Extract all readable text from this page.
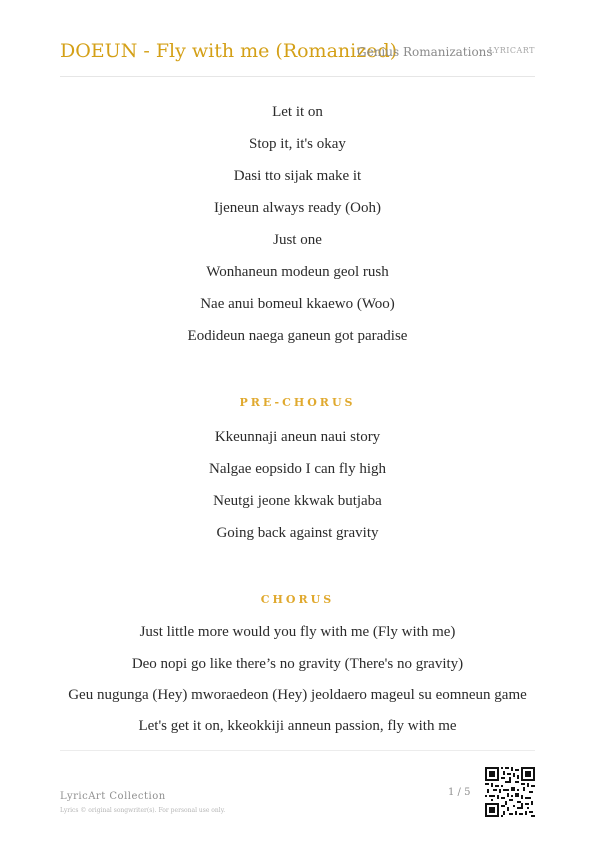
DOEUN - Fly with me (Romanized)
Genius Romanizations
LYRICART
Let it on
Stop it, it's okay
Dasi tto sijak make it
Ijeneun always ready (Ooh)
Just one
Wonhaneun modeun geol rush
Nae anui bomeul kkaewo (Woo)
Eodideun naega ganeun got paradise
PRE-CHORUS
Kkeunnaji aneun naui story
Nalgae eopsido I can fly high
Neutgi jeone kkwak butjaba
Going back against gravity
CHORUS
Just little more would you fly with me (Fly with me)
Deo nopi go like there’s no gravity (There's no gravity)
Geu nugunga (Hey) mworaedeon (Hey) jeoldaero mageul su eomneun game
Let's get it on, kkeokkiji anneun passion, fly with me
LyricArt Collection
Lyrics © original songwriter(s). For personal use only.
1 / 5
